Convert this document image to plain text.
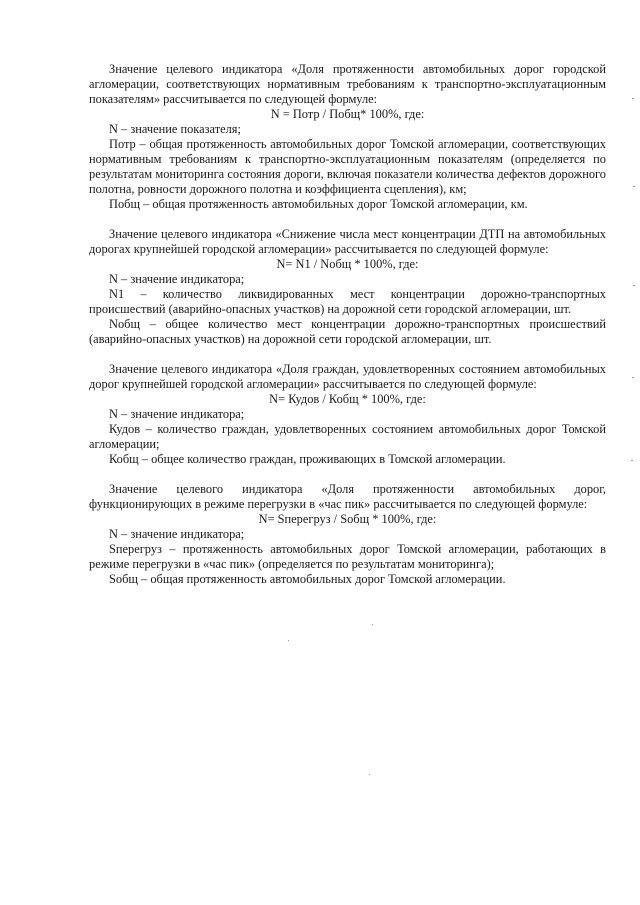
Значение целевого индикатора «Доля протяженности автомобильных дорог городской агломерации, соответствующих нормативным требованиям к транспортно-эксплуатационным показателям» рассчитывается по следующей формуле:

N = Потр / Побщ* 100%, где:

N – значение показателя;

Потр – общая протяженность автомобильных дорог Томской агломерации, соответствующих нормативным требованиям к транспортно-эксплуатационным показателям (определяется по результатам мониторинга состояния дороги, включая показатели количества дефектов дорожного полотна, ровности дорожного полотна и коэффициента сцепления), км;

Побщ – общая протяженность автомобильных дорог Томской агломерации, км.

Значение целевого индикатора «Снижение числа мест концентрации ДТП на автомобильных дорогах крупнейшей городской агломерации» рассчитывается по следующей формуле:

N= N1 / Nобщ * 100%, где:

N – значение индикатора;

N1 – количество ликвидированных мест концентрации дорожно-транспортных происшествий (аварийно-опасных участков) на дорожной сети городской агломерации, шт.

Nобщ – общее количество мест концентрации дорожно-транспортных происшествий (аварийно-опасных участков) на дорожной сети городской агломерации, шт.

Значение целевого индикатора «Доля граждан, удовлетворенных состоянием автомобильных дорог крупнейшей городской агломерации» рассчитывается по следующей формуле:

N= Кудов / Кобщ * 100%, где:

N – значение индикатора;

Кудов – количество граждан, удовлетворенных состоянием автомобильных дорог Томской агломерации;

Кобщ – общее количество граждан, проживающих в Томской агломерации.

Значение целевого индикатора «Доля протяженности автомобильных дорог, функционирующих в режиме перегрузки в «час пик» рассчитывается по следующей формуле:

N= Sперегруз / Sобщ * 100%, где:

N – значение индикатора;

Sперегруз – протяженность автомобильных дорог Томской агломерации, работающих в режиме перегрузки в «час пик» (определяется по результатам мониторинга);

Sобщ – общая протяженность автомобильных дорог Томской агломерации.
